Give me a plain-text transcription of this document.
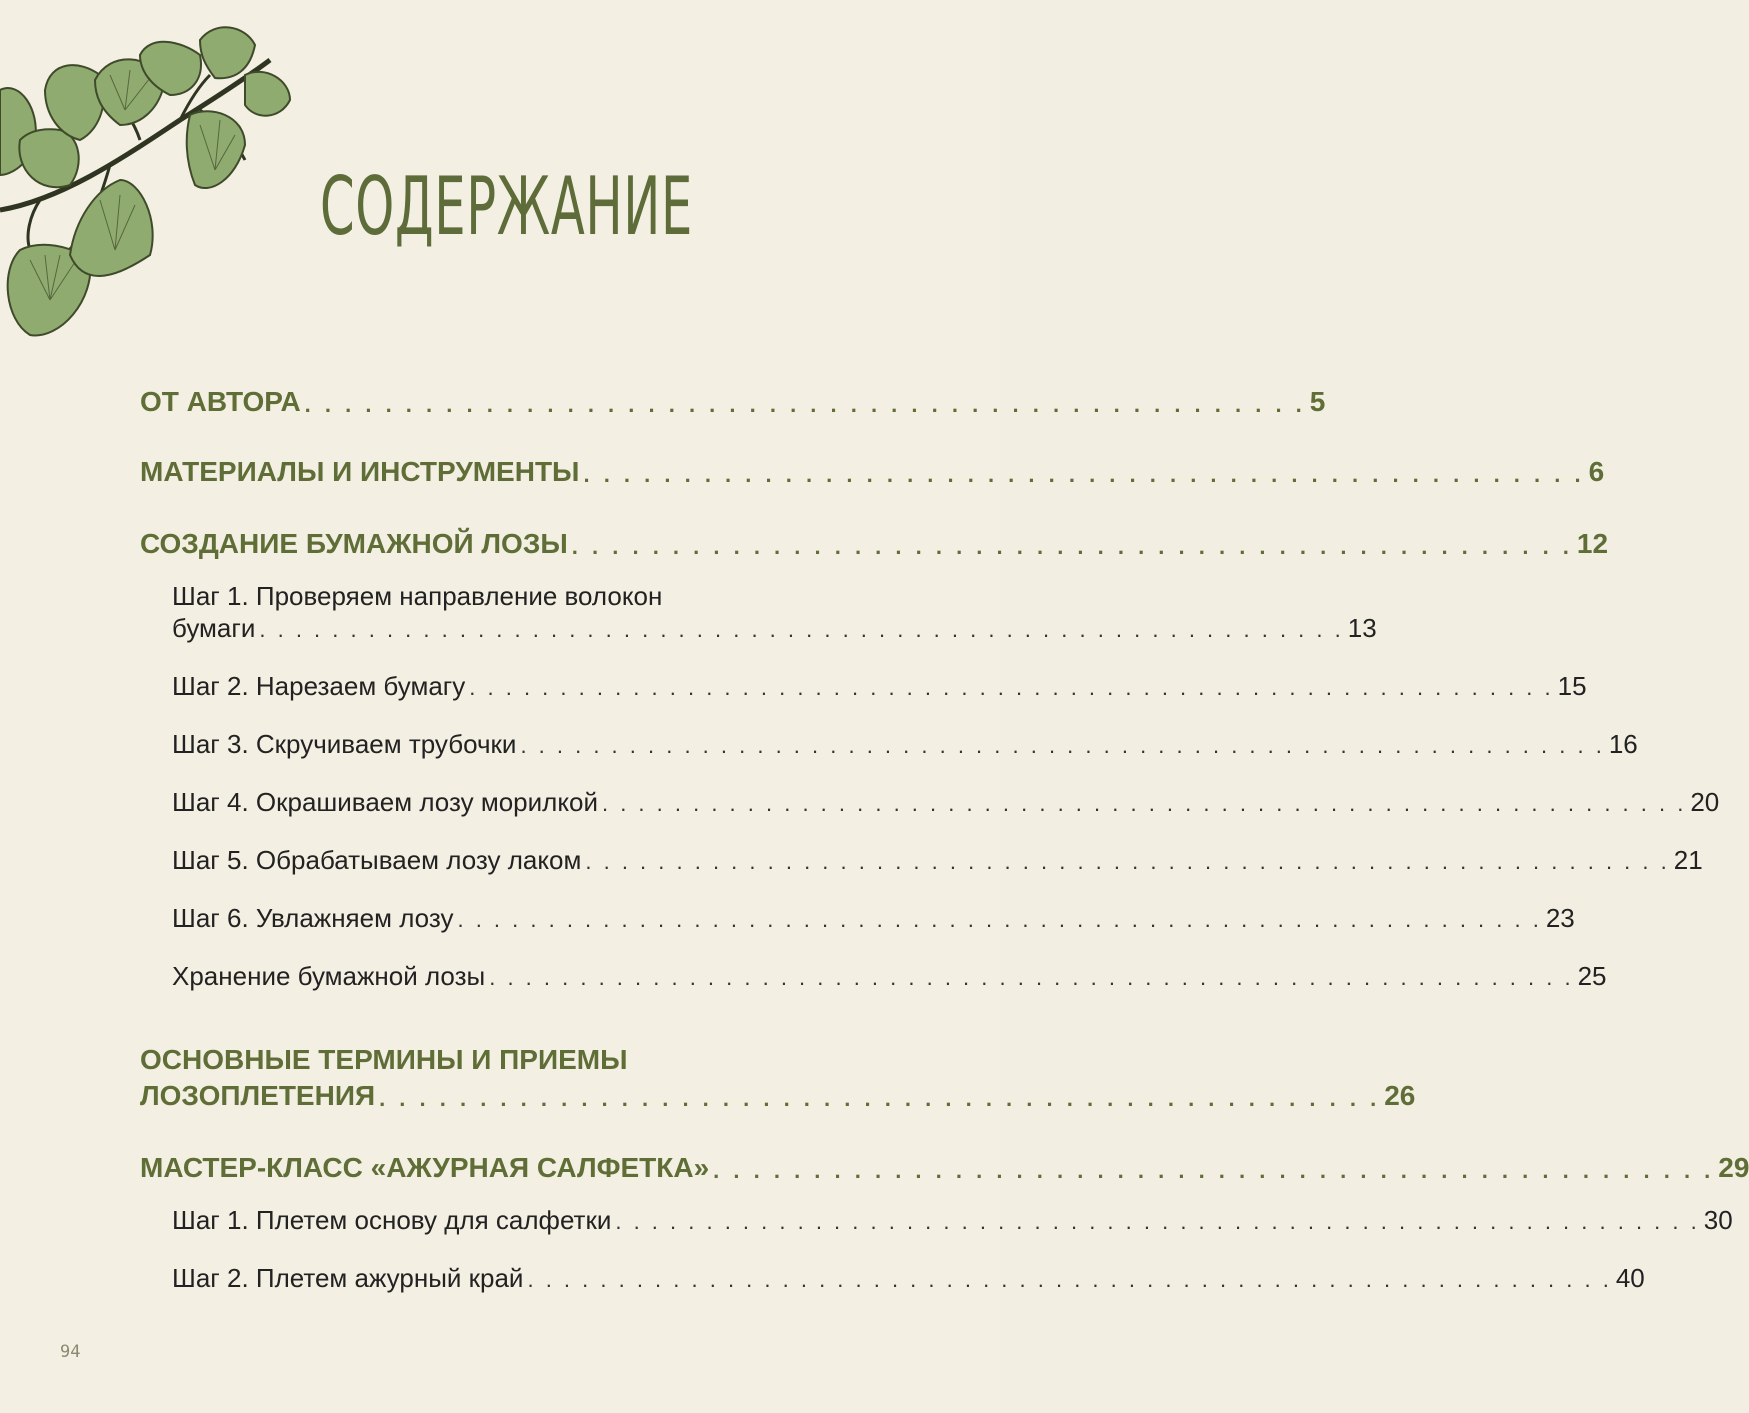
СОДЕРЖАНИЕ
ОТ АВТОРА . . . . . . . . . . . . . . . . . . . . . . . . . . . . . . . . . . . . . . . . . . . . . . . . . . 5
МАТЕРИАЛЫ И ИНСТРУМЕНТЫ . . . . . . . . . . . . . . . . . . . . . . . . . . . . . . . . . . . . . . . . . . . . . . . . . . 6
СОЗДАНИЕ БУМАЖНОЙ ЛОЗЫ . . . . . . . . . . . . . . . . . . . . . . . . . . . . . . . . . . . . . . . . . . . . . . . . . . 12
Шаг 1. Проверяем направление волокон
бумаги . . . . . . . . . . . . . . . . . . . . . . . . . . . . . . . . . . . . . . . . . . . . . . . . . . . . . . . . . . . . 13
Шаг 2. Нарезаем бумагу . . . . . . . . . . . . . . . . . . . . . . . . . . . . . . . . . . . . . . . . . . . . . . . . . . . . . . . . . . . . 15
Шаг 3. Скручиваем трубочки . . . . . . . . . . . . . . . . . . . . . . . . . . . . . . . . . . . . . . . . . . . . . . . . . . . . . . . . . . . . 16
Шаг 4. Окрашиваем лозу морилкой . . . . . . . . . . . . . . . . . . . . . . . . . . . . . . . . . . . . . . . . . . . . . . . . . . . . . . . . . . . . 20
Шаг 5. Обрабатываем лозу лаком . . . . . . . . . . . . . . . . . . . . . . . . . . . . . . . . . . . . . . . . . . . . . . . . . . . . . . . . . . . . 21
Шаг 6. Увлажняем лозу . . . . . . . . . . . . . . . . . . . . . . . . . . . . . . . . . . . . . . . . . . . . . . . . . . . . . . . . . . . . 23
Хранение бумажной лозы . . . . . . . . . . . . . . . . . . . . . . . . . . . . . . . . . . . . . . . . . . . . . . . . . . . . . . . . . . . . 25
ОСНОВНЫЕ ТЕРМИНЫ И ПРИЕМЫ
ЛОЗОПЛЕТЕНИЯ . . . . . . . . . . . . . . . . . . . . . . . . . . . . . . . . . . . . . . . . . . . . . . . . . . 26
МАСТЕР-КЛАСС «АЖУРНАЯ САЛФЕТКА» . . . . . . . . . . . . . . . . . . . . . . . . . . . . . . . . . . . . . . . . . . . . . . . . . . 29
Шаг 1. Плетем основу для салфетки . . . . . . . . . . . . . . . . . . . . . . . . . . . . . . . . . . . . . . . . . . . . . . . . . . . . . . . . . . . . 30
Шаг 2. Плетем ажурный край . . . . . . . . . . . . . . . . . . . . . . . . . . . . . . . . . . . . . . . . . . . . . . . . . . . . . . . . . . . . 40
94
